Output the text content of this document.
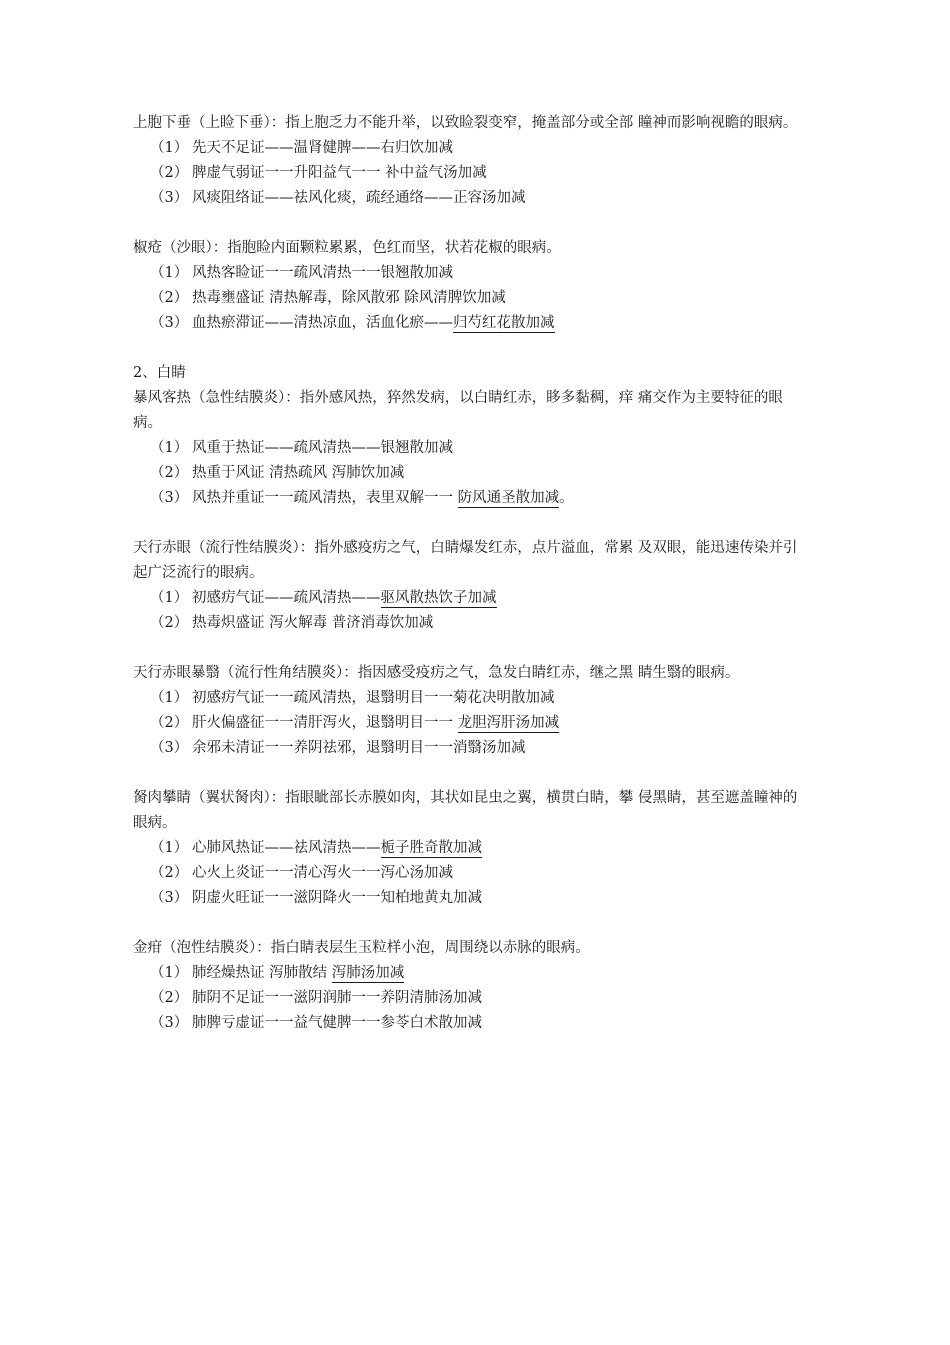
上胞下垂（上睑下垂）：指上胞乏力不能升举，以致睑裂变窄，掩盖部分或全部 瞳神而影响视瞻的眼病。

（1） 先天不足证——温肾健脾——右归饮加减
（2） 脾虚气弱证一一升阳益气一一 补中益气汤加减
（3） 风痰阻络证——祛风化痰，疏经通络——正容汤加减

椒疮（沙眼）：指胞睑内面颗粒累累，色红而坚，状若花椒的眼病。

（1） 风热客睑证一一疏风清热一一银翘散加减
（2） 热毒壅盛证 清热解毒，除风散邪 除风清脾饮加减
（3） 血热瘀滞证——清热凉血，活血化瘀——归芍红花散加减
2、白睛

暴风客热（急性结膜炎）：指外感风热，猝然发病，以白睛红赤，眵多黏稠，痒 痛交作为主要特征的眼病。

（1） 风重于热证——疏风清热——银翘散加减
（2） 热重于风证 清热疏风 泻肺饮加减
（3） 风热并重证一一疏风清热，表里双解一一 防风通圣散加减。

天行赤眼（流行性结膜炎）：指外感疫疠之气，白睛爆发红赤，点片溢血，常累 及双眼，能迅速传染并引起广泛流行的眼病。

（1） 初感疠气证——疏风清热——驱风散热饮子加减
（2） 热毒炽盛证 泻火解毒 普济消毒饮加减

天行赤眼暴翳（流行性角结膜炎）：指因感受疫疠之气，急发白睛红赤，继之黑 睛生翳的眼病。

（1） 初感疠气证一一疏风清热，退翳明目一一菊花决明散加减
（2） 肝火偏盛征一一清肝泻火，退翳明目一一 龙胆泻肝汤加减
（3） 余邪未清证一一养阴祛邪，退翳明目一一消翳汤加减

胬肉攀睛（翼状胬肉）：指眼眦部长赤膜如肉，其状如昆虫之翼，横贯白睛，攀 侵黑睛，甚至遮盖瞳神的眼病。

（1） 心肺风热证——祛风清热——栀子胜奇散加减
（2） 心火上炎证一一清心泻火一一泻心汤加减
（3） 阴虚火旺证一一滋阴降火一一知柏地黄丸加减

金疳（泡性结膜炎）：指白睛表层生玉粒样小泡，周围绕以赤脉的眼病。

（1） 肺经燥热证 泻肺散结 泻肺汤加减
（2） 肺阴不足证一一滋阴润肺一一养阴清肺汤加减
（3） 肺脾亏虚证一一益气健脾一一参苓白术散加减
